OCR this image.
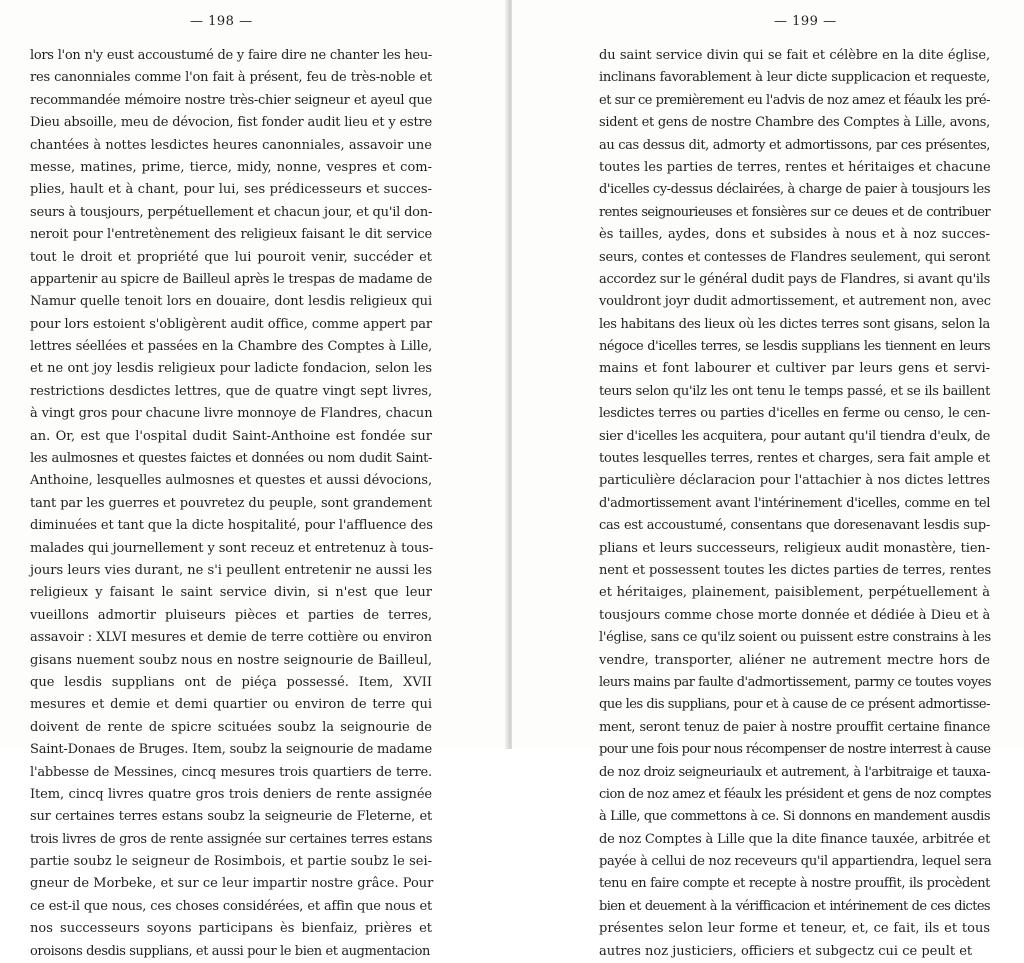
— 198 —
lors l'on n'y eust accoustumé de y faire dire ne chanter les heu-
res canonniales comme l'on fait à présent, feu de très-noble et
recommandée mémoire nostre très-chier seigneur et ayeul que
Dieu absoille, meu de dévocion, fist fonder audit lieu et y estre
chantées à nottes lesdictes heures canonniales, assavoir une
messe, matines, prime, tierce, midy, nonne, vespres et com-
plies, hault et à chant, pour lui, ses prédicesseurs et succes-
seurs à tousjours, perpétuellement et chacun jour, et qu'il don-
neroit pour l'entretènement des religieux faisant le dit service
tout le droit et propriété que lui pouroit venir, succéder et
appartenir au spicre de Bailleul après le trespas de madame de
Namur quelle tenoit lors en douaire, dont lesdis religieux qui
pour lors estoient s'obligèrent audit office, comme appert par
lettres séellées et passées en la Chambre des Comptes à Lille,
et ne ont joy lesdis religieux pour ladicte fondacion, selon les
restrictions desdictes lettres, que de quatre vingt sept livres,
à vingt gros pour chacune livre monnoye de Flandres, chacun
an. Or, est que l'ospital dudit Saint-Anthoine est fondée sur
les aulmosnes et questes faictes et données ou nom dudit Saint-
Anthoine, lesquelles aulmosnes et questes et aussi dévocions,
tant par les guerres et pouvretez du peuple, sont grandement
diminuées et tant que la dicte hospitalité, pour l'affluence des
malades qui journellement y sont receuz et entretenuz à tous-
jours leurs vies durant, ne s'i peullent entretenir ne aussi les
religieux y faisant le saint service divin, si n'est que leur
vueillons admortir pluiseurs pièces et parties de terres,
assavoir : XLVI mesures et demie de terre cottière ou environ
gisans nuement soubz nous en nostre seignourie de Bailleul,
que lesdis supplians ont de piéça possessé. Item, XVII
mesures et demie et demi quartier ou environ de terre qui
doivent de rente de spicre scituées soubz la seignourie de
Saint-Donaes de Bruges. Item, soubz la seignourie de madame
l'abbesse de Messines, cincq mesures trois quartiers de terre.
Item, cincq livres quatre gros trois deniers de rente assignée
sur certaines terres estans soubz la seigneurie de Fleterne, et
trois livres de gros de rente assignée sur certaines terres estans
partie soubz le seigneur de Rosimbois, et partie soubz le sei-
gneur de Morbeke, et sur ce leur impartir nostre grâce. Pour
ce est-il que nous, ces choses considérées, et affin que nous et
nos successeurs soyons participans ès bienfaiz, prières et
oroisons desdis supplians, et aussi pour le bien et augmentacion
— 199 —
du saint service divin qui se fait et célèbre en la dite église,
inclinans favorablement à leur dicte supplicacion et requeste,
et sur ce premièrement eu l'advis de noz amez et féaulx les pré-
sident et gens de nostre Chambre des Comptes à Lille, avons,
au cas dessus dit, admorty et admortissons, par ces présentes,
toutes les parties de terres, rentes et héritaiges et chacune
d'icelles cy-dessus déclairées, à charge de paier à tousjours les
rentes seignourieuses et fonsières sur ce deues et de contribuer
ès tailles, aydes, dons et subsides à nous et à noz succes-
seurs, contes et contesses de Flandres seulement, qui seront
accordez sur le général dudit pays de Flandres, si avant qu'ils
vouldront joyr dudit admortissement, et autrement non, avec
les habitans des lieux où les dictes terres sont gisans, selon la
négoce d'icelles terres, se lesdis supplians les tiennent en leurs
mains et font labourer et cultiver par leurs gens et servi-
teurs selon qu'ilz les ont tenu le temps passé, et se ils baillent
lesdictes terres ou parties d'icelles en ferme ou censo, le cen-
sier d'icelles les acquitera, pour autant qu'il tiendra d'eulx, de
toutes lesquelles terres, rentes et charges, sera fait ample et
particulière déclaracion pour l'attachier à nos dictes lettres
d'admortissement avant l'intérinement d'icelles, comme en tel
cas est accoustumé, consentans que doresenavant lesdis sup-
plians et leurs successeurs, religieux audit monastère, tien-
nent et possessent toutes les dictes parties de terres, rentes
et héritaiges, plainement, paisiblement, perpétuellement à
tousjours comme chose morte donnée et dédiée à Dieu et à
l'église, sans ce qu'ilz soient ou puissent estre constrains à les
vendre, transporter, aliéner ne autrement mectre hors de
leurs mains par faulte d'admortissement, parmy ce toutes voyes
que les dis supplians, pour et à cause de ce présent admortisse-
ment, seront tenuz de paier à nostre prouffit certaine finance
pour une fois pour nous récompenser de nostre interrest à cause
de noz droiz seigneuriaulx et autrement, à l'arbitraige et tauxa-
cion de noz amez et féaulx les président et gens de noz comptes
à Lille, que commettons à ce. Si donnons en mandement ausdis
de noz Comptes à Lille que la dite finance tauxée, arbitrée et
payée à cellui de noz receveurs qu'il appartiendra, lequel sera
tenu en faire compte et recepte à nostre prouffit, ils procèdent
bien et deuement à la vérifficacion et intérinement de ces dictes
présentes selon leur forme et teneur, et, ce fait, ils et tous
autres noz justiciers, officiers et subgectz cui ce peult et
